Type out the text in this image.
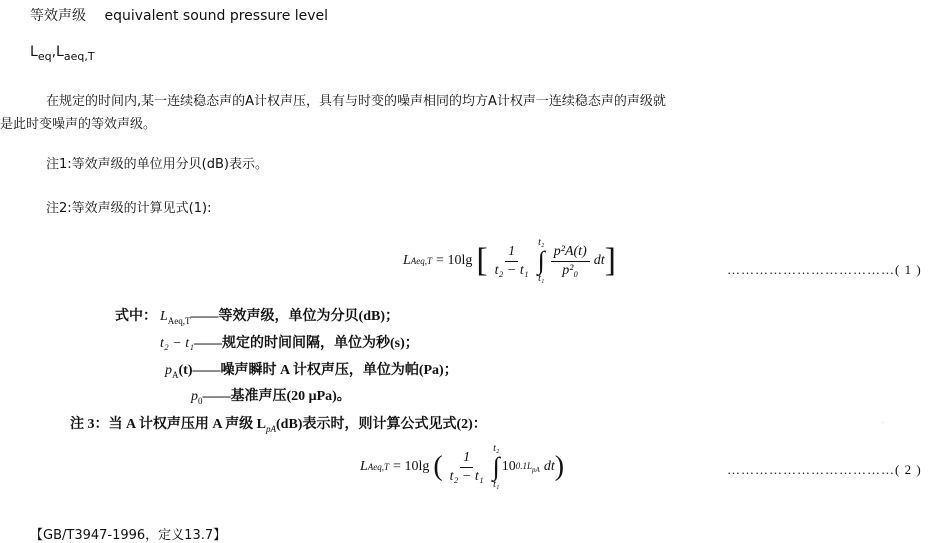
等效声级 equivalent sound pressure level
$L_{eq},L_{aeq,T}$
在规定的时间内,某一连续稳态声的A计权声压，具有与时变的噪声相同的均方A计权声一连续稳态声的声级就
是此时变噪声的等效声级。
注1:等效声级的单位用分贝(dB)表示。
注2:等效声级的计算见式(1):
L Aeq,T = 10lg [ $\frac{1}{\text{t₂ − t₁}} t_2$
∫
$t_1 \frac{\text{p²A(t)}}{\text{p²₀}}$ dt ]	………………………………( 1 )
式中： $L_{Aeq,T}——$等效声级，单位为分贝(dB)；
t₂ − t₁——规定的时间间隔，单位为秒(s)；
$p_A(t)——$噪声瞬时 A 计权声压，单位为帕(Pa)；
$p_0——$基准声压(20 μPa)。
注 3：当 A 计权声压用 A 声级 $L_{pA}(dB)$表示时，则计算公式见式(2)：	·
L Aeq,T = 10lg ( $\frac{1}{\text{t₂ − t₁}} t_2$
∫
t₁
10 $0.1L_{pA}$ dt )	………………………………( 2 )
【GB/T3947-1996，定义13.7】
